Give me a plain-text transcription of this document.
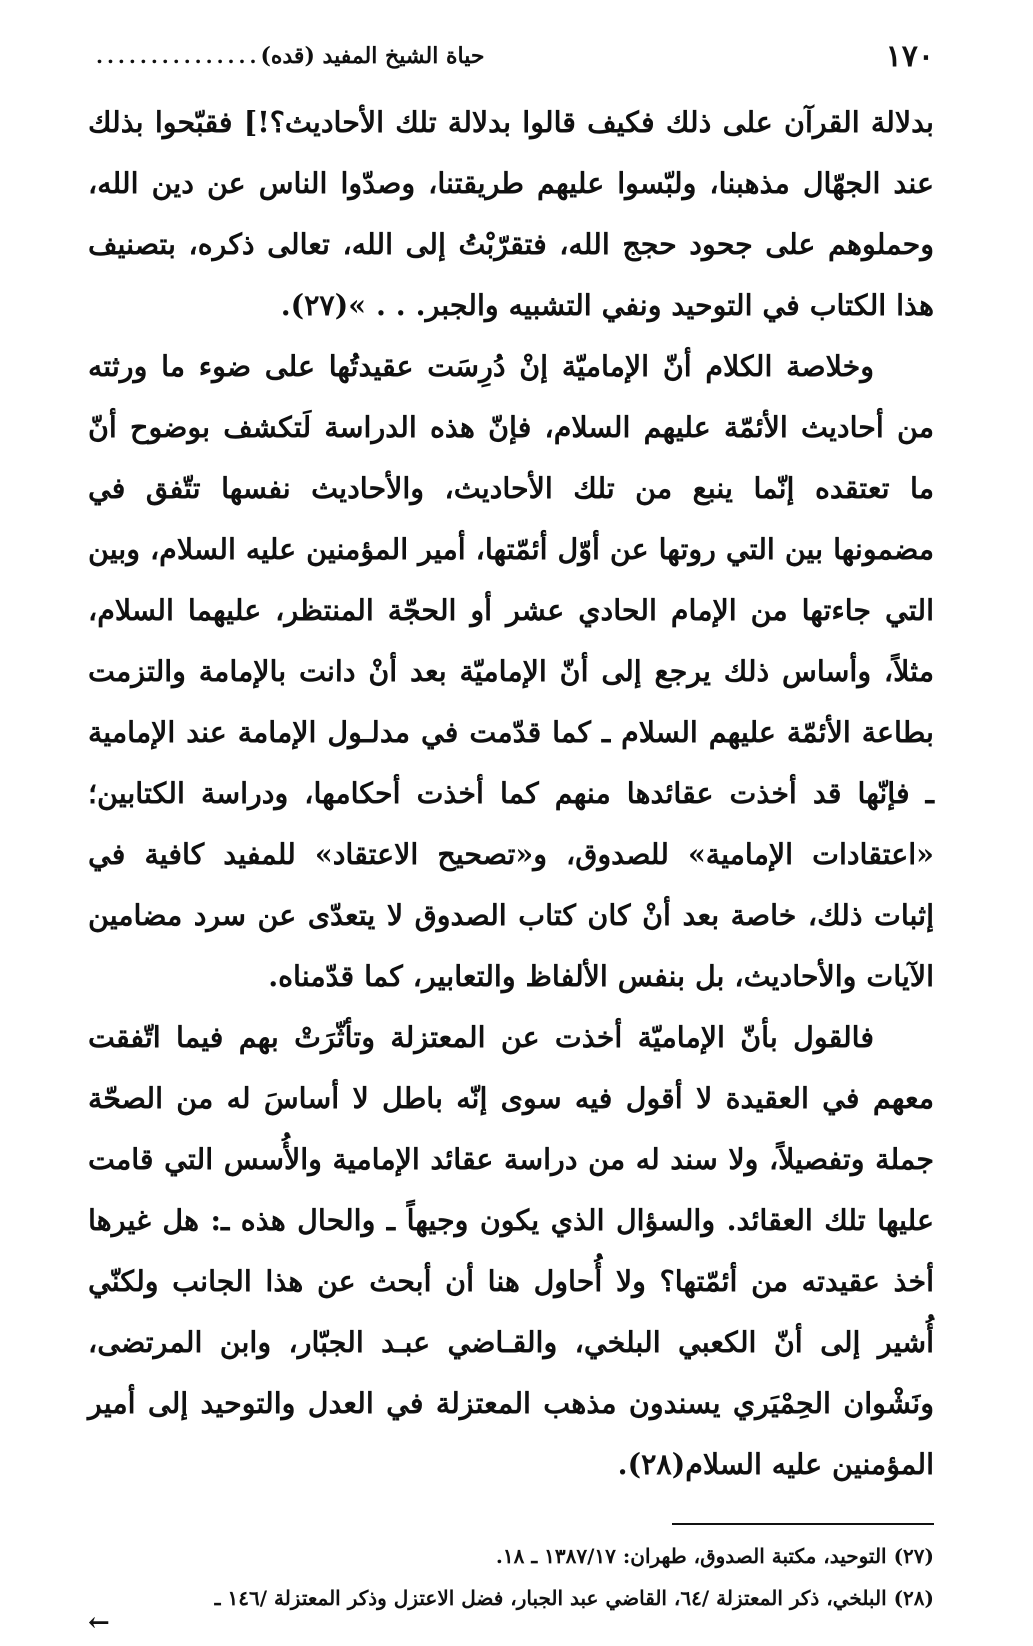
١٧٠
حياة الشيخ المفيد (قده)
...............

بدلالة القرآن على ذلك فكيف قالوا بدلالة تلك الأحاديث؟!] فقبّحوا بذلك عند الجهّال مذهبنا، ولبّسوا عليهم طريقتنا، وصدّوا الناس عن دين الله، وحملوهم على جحود حجج الله، فتقرّبْتُ إلى الله، تعالى ذكره، بتصنيف هذا الكتاب في التوحيد ونفي التشبيه والجبر. . . »(٢٧).

وخلاصة الكلام أنّ الإماميّة إنْ دُرِسَت عقيدتُها على ضوء ما ورثته من أحاديث الأئمّة عليهم السلام، فإنّ هذه الدراسة لَتكشف بوضوح أنّ ما تعتقده إنّما ينبع من تلك الأحاديث، والأحاديث نفسها تتّفق في مضمونها بين التي روتها عن أوّل أئمّتها، أمير المؤمنين عليه السلام، وبين التي جاءتها من الإمام الحادي عشر أو الحجّة المنتظر، عليهما السلام، مثلاً، وأساس ذلك يرجع إلى أنّ الإماميّة بعد أنْ دانت بالإمامة والتزمت بطاعة الأئمّة عليهم السلام ـ كما قدّمت في مدلـول الإمامة عند الإمامية ـ فإنّها قد أخذت عقائدها منهم كما أخذت أحكامها، ودراسة الكتابين؛ «اعتقادات الإمامية» للصدوق، و«تصحيح الاعتقاد» للمفيد كافية في إثبات ذلك، خاصة بعد أنْ كان كتاب الصدوق لا يتعدّى عن سرد مضامين الآيات والأحاديث، بل بنفس الألفاظ والتعابير، كما قدّمناه.

فالقول بأنّ الإماميّة أخذت عن المعتزلة وتأثّرَتْ بهم فيما اتّفقت معهم في العقيدة لا أقول فيه سوى إنّه باطل لا أساسَ له من الصحّة جملة وتفصيلاً، ولا سند له من دراسة عقائد الإمامية والأُسس التي قامت عليها تلك العقائد. والسؤال الذي يكون وجيهاً ـ والحال هذه ـ: هل غيرها أخذ عقيدته من أئمّتها؟ ولا أُحاول هنا أن أبحث عن هذا الجانب ولكنّي أُشير إلى أنّ الكعبي البلخي، والقـاضي عبـد الجبّار، وابن المرتضى، ونَشْوان الحِمْيَري يسندون مذهب المعتزلة في العدل والتوحيد إلى أمير المؤمنين عليه السلام(٢٨).

(٢٧) التوحيد، مكتبة الصدوق، طهران: ١٣٨٧/١٧ ـ ١٨.

(٢٨) البلخي، ذكر المعتزلة /٦٤، القاضي عبد الجبار، فضل الاعتزل وذكر المعتزلة /١٤٦ ـ

←
